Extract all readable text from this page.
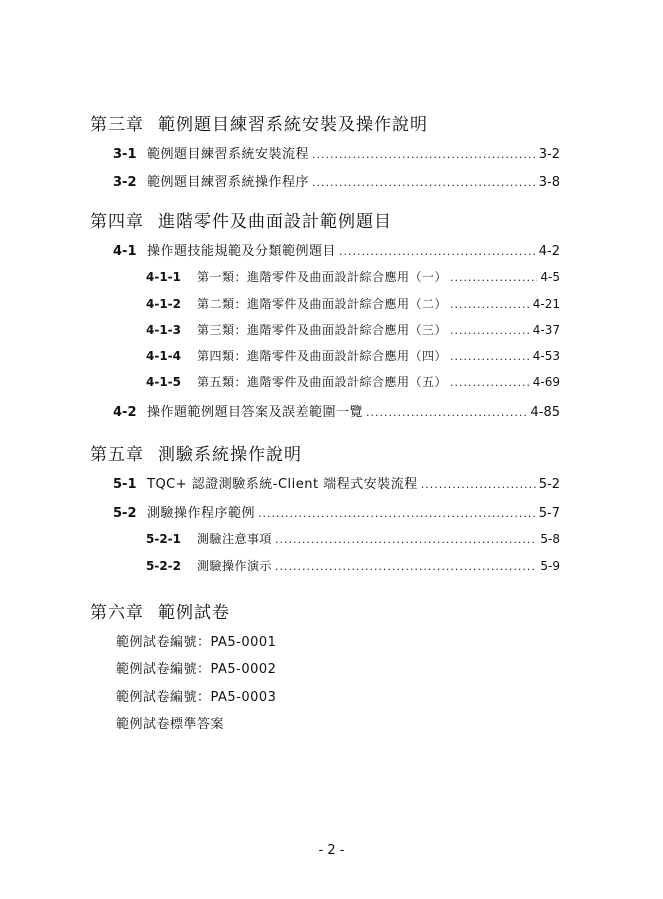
第三章 範例題目練習系統安裝及操作說明
3-1 範例題目練習系統安裝流程 .....	3-2
3-2 範例題目練習系統操作程序 .....	3-8
第四章 進階零件及曲面設計範例題目
4-1 操作題技能規範及分類範例題目 .....	4-2
4-1-1	第一類：進階零件及曲面設計綜合應用（一） .....	4-5
4-1-2	第二類：進階零件及曲面設計綜合應用（二） .....	4-21
4-1-3	第三類：進階零件及曲面設計綜合應用（三） .....	4-37
4-1-4	第四類：進階零件及曲面設計綜合應用（四） .....	4-53
4-1-5	第五類：進階零件及曲面設計綜合應用（五） .....	4-69
4-2 操作題範例題目答案及誤差範圍一覽 .....	4-85
第五章 測驗系統操作說明
5-1 TQC+ 認證測驗系統-Client 端程式安裝流程 .....	5-2
5-2 測驗操作程序範例 .....	5-7
5-2-1	測驗注意事項 .....	5-8
5-2-2	測驗操作演示 .....	5-9
第六章 範例試卷
範例試卷編號：PA5-0001
範例試卷編號：PA5-0002
範例試卷編號：PA5-0003
範例試卷標準答案
- 2 -
